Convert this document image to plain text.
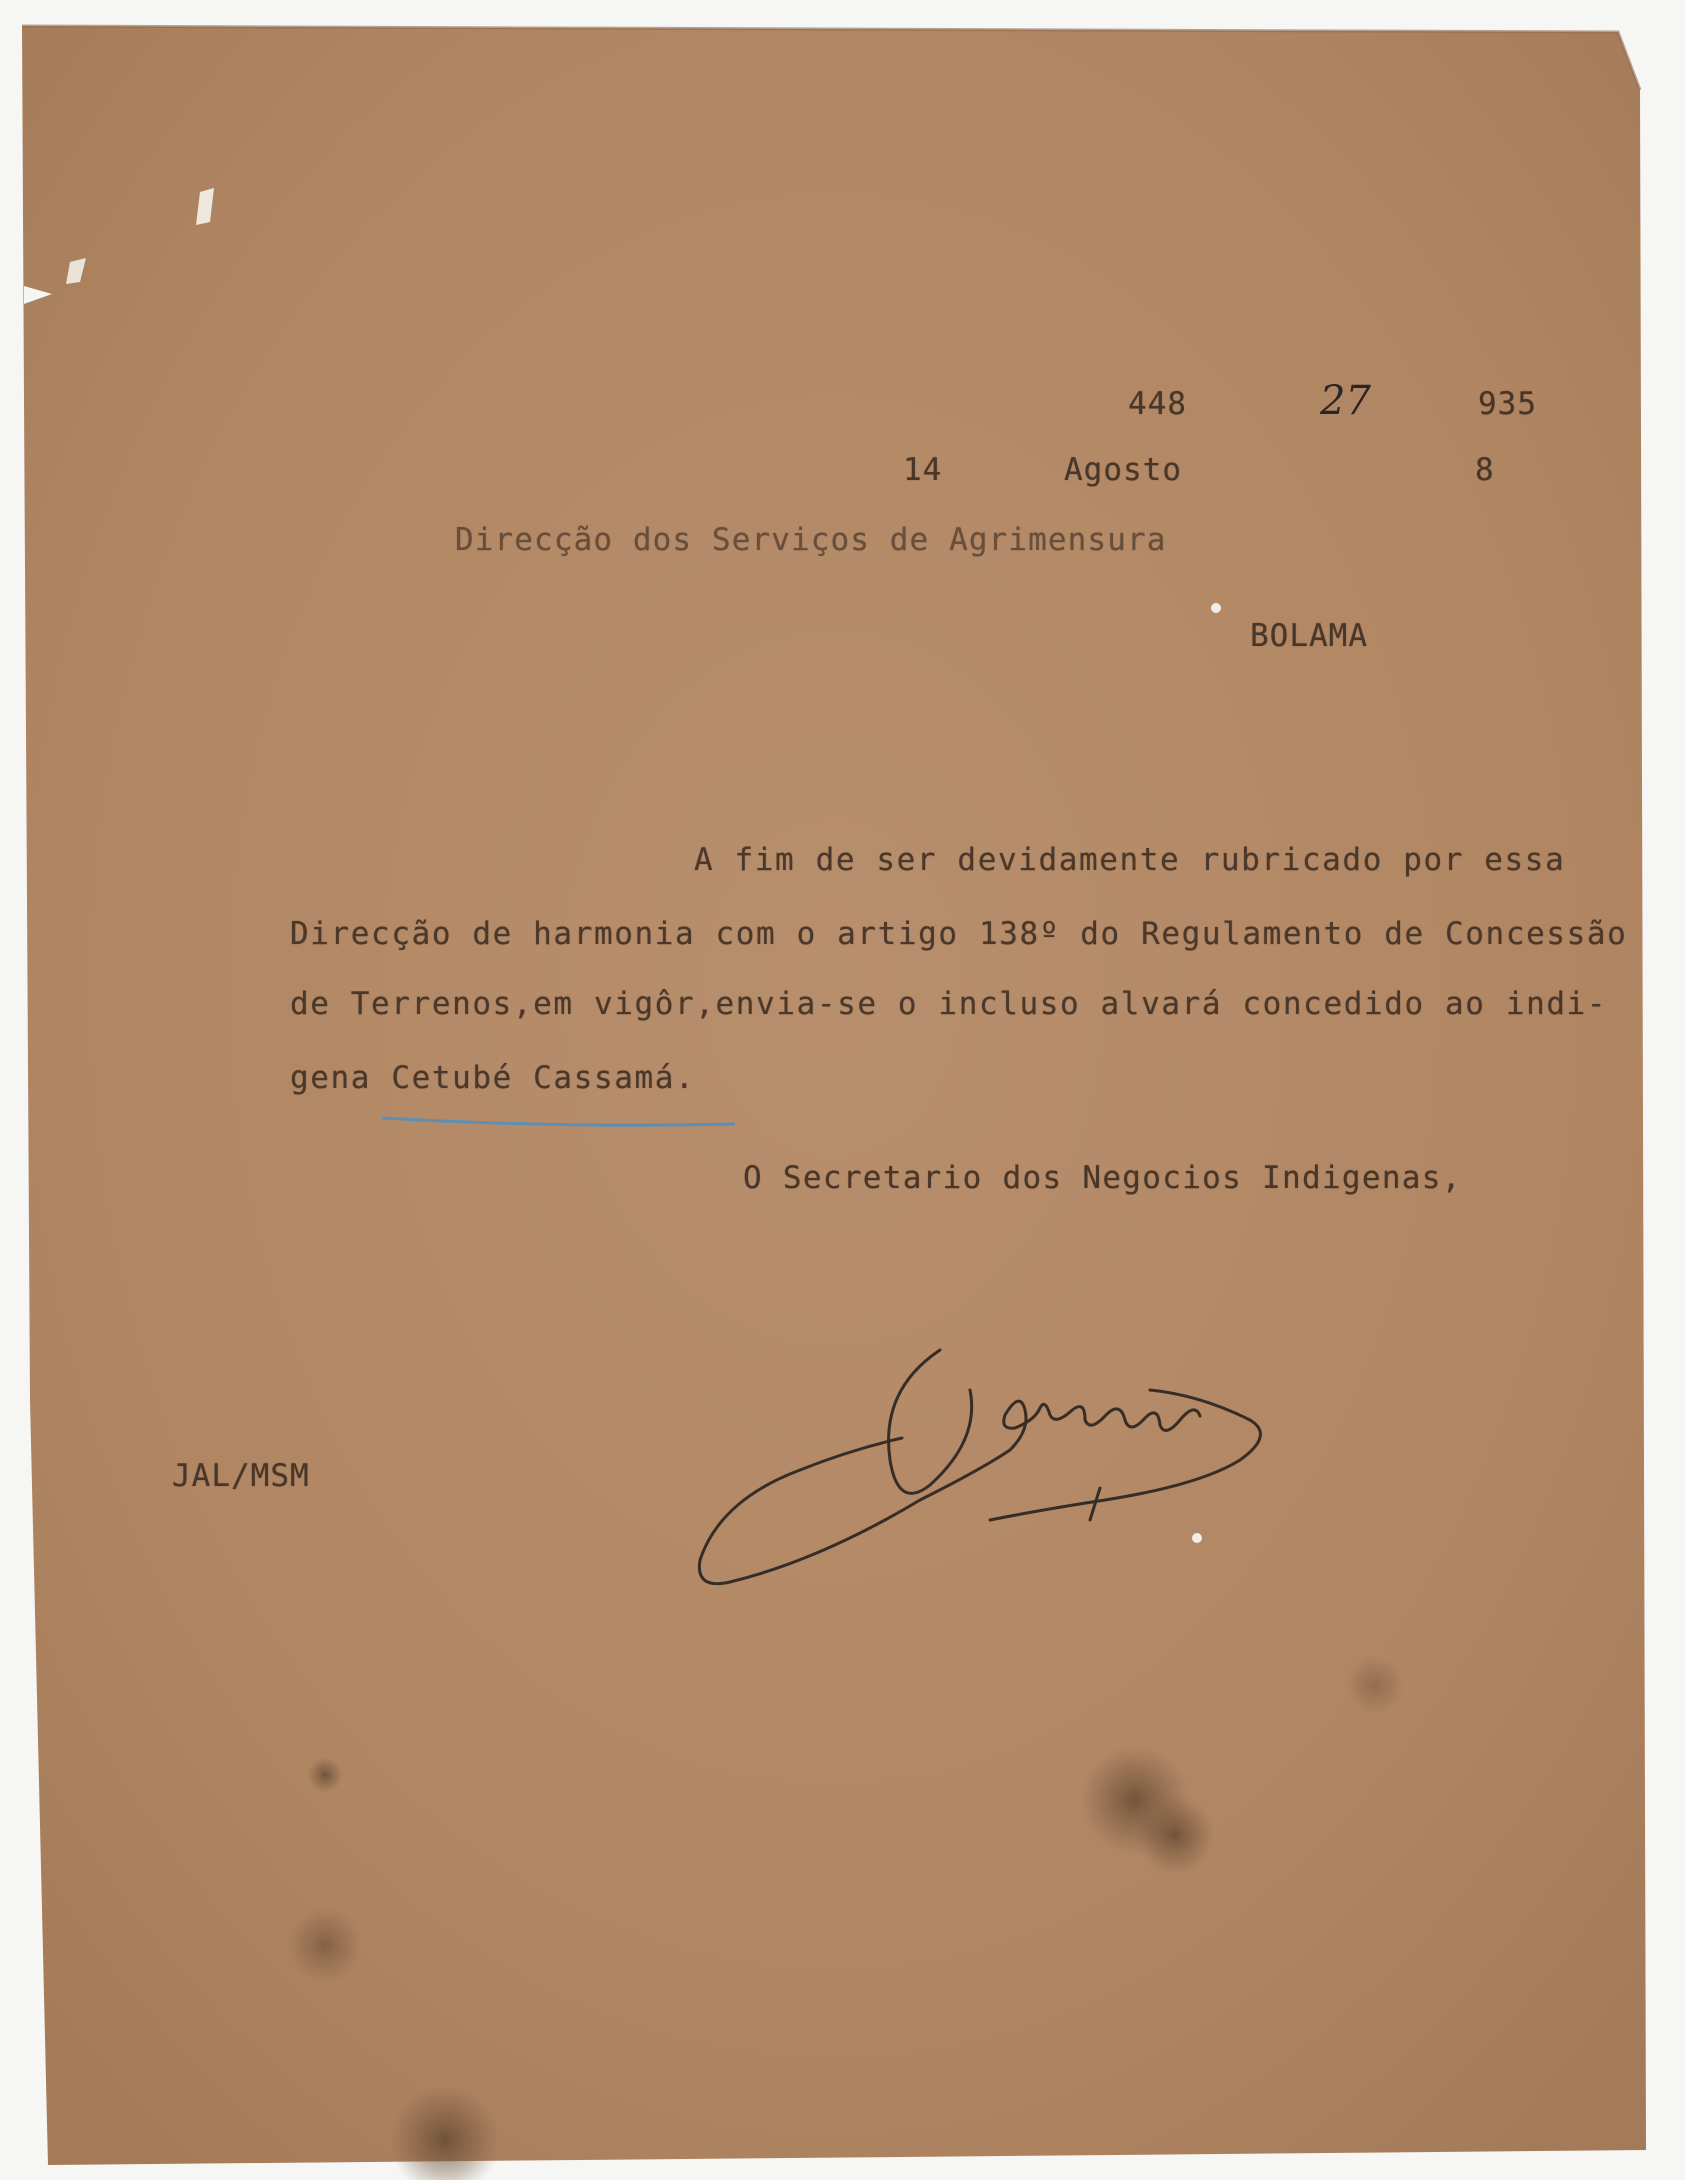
448	27	935
14	Agosto	8
Direcção dos Serviços de Agrimensura
BOLAMA
A fim de ser devidamente rubricado por essa
Direcção de harmonia com o artigo 138º do Regulamento de Concessão
de Terrenos,em vigôr,envia-se o incluso alvará concedido ao indi-
gena Cetubé Cassamá.
O Secretario dos Negocios Indigenas,
JAL/MSM
